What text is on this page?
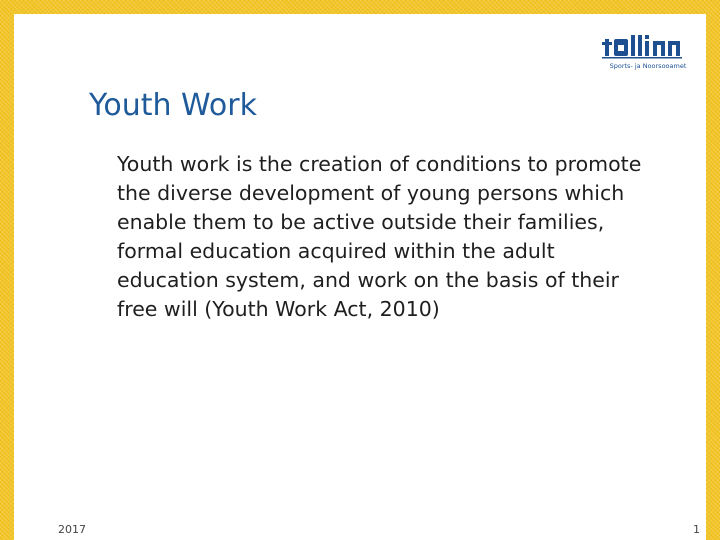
Sports- ja Noorsooamet
Youth Work

Youth work is the creation of conditions to promote the diverse development of young persons which enable them to be active outside their families, formal education acquired within the adult education system, and work on the basis of their free will (Youth Work Act, 2010)

2017	1
